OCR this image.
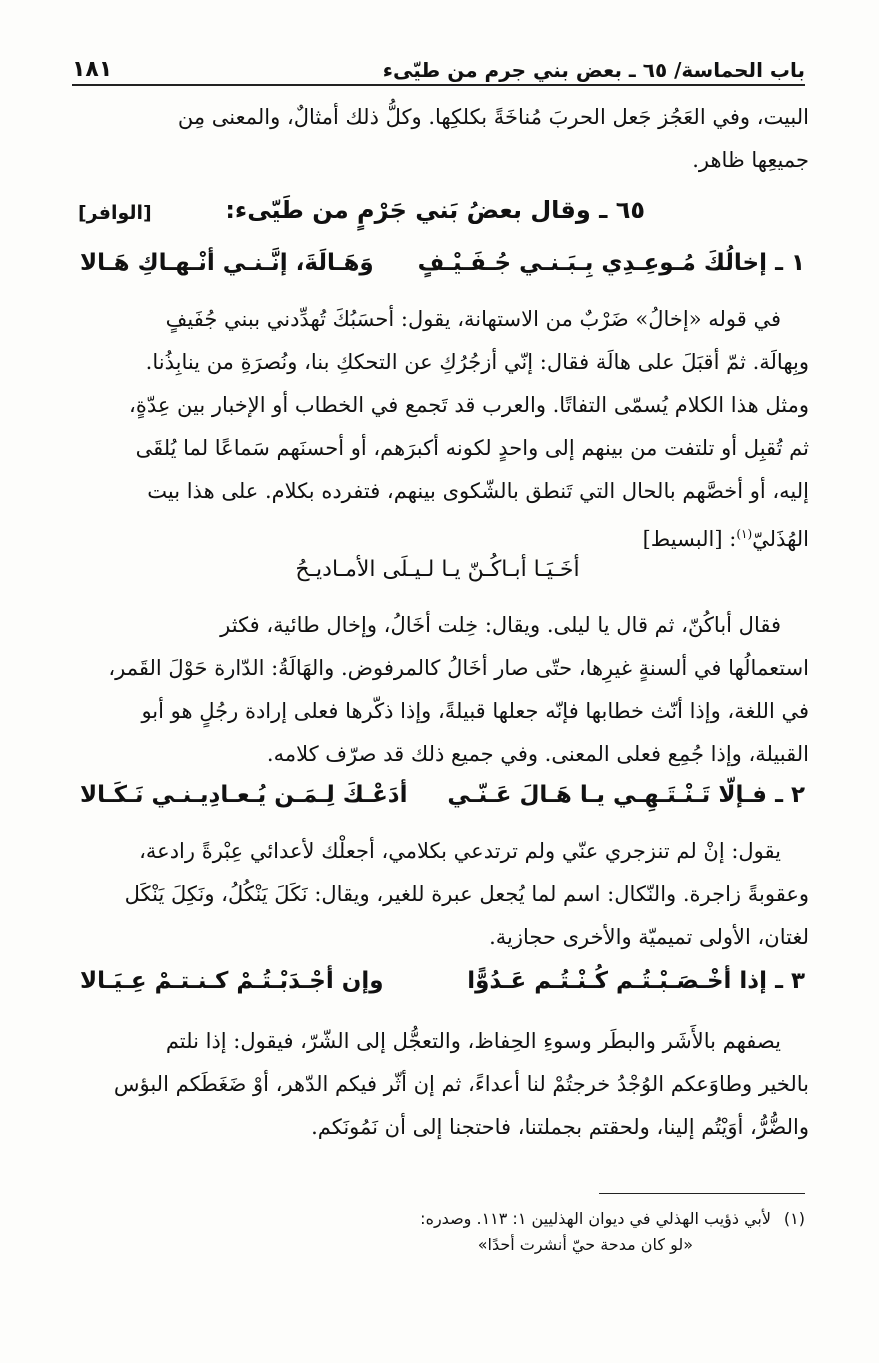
باب الحماسة/ ٦٥ ـ بعض بني جرم من طيّىء
١٨١
البيت، وفي العَجُز جَعل الحربَ مُناخَةً بكلكِها. وكلُّ ذلك أمثالٌ، والمعنى مِن
جميعِها ظاهر.
٦٥ ـ وقال بعضُ بَني جَرْمٍ من طَيّىء:
[الوافر]
١ ـ
إخالُكَ مُـوعِـدِي بِـبَـنـي جُـفَـيْـفٍ
وَهَـالَةَ، إنَّـنـي أنْـهـاكِ هَـالا
في قوله «إخالُ» ضَرْبٌ من الاستهانة، يقول: أحسَبُكَ تُهدِّدني ببني جُفَيفٍ
وبِهالَة. ثمّ أقبَلَ على هالَة فقال: إنّي أزجُرُكِ عن التحككِ بنا، ونُصرَةِ من ينابِذُنا.
ومثل هذا الكلام يُسمّى التفاتًا. والعرب قد تَجمع في الخطاب أو الإخبار بين عِدّةٍ،
ثم تُقبِل أو تلتفت من بينهم إلى واحدٍ لكونه أكبرَهم، أو أحسنَهم سَماعًا لما يُلقَى
إليه، أو أخصَّهم بالحال التي تَنطق بالشّكوى بينهم، فتفرده بكلام. على هذا بيت
الهُذَليّ$^{(١)}$: [البسيط]
أخَـيَـا أبـاكُـنّ يـا لـيـلَى الأمـاديـحُ
فقال أباكُنّ، ثم قال يا ليلى. ويقال: خِلت أخَالُ، وإخال طائية، فكثر
استعمالُها في ألسنةٍ غيرِها، حتّى صار أخَالُ كالمرفوض. والهَالَةُ: الدّارة حَوْلَ القَمر،
في اللغة، وإذا أنّث خطابها فإنّه جعلها قبيلةً، وإذا ذكّرها فعلى إرادة رجُلٍ هو أبو
القبيلة، وإذا جُمِع فعلى المعنى. وفي جميع ذلك قد صرّف كلامه.
٢ ـ
فـإلّا تَـنْـتَـهِـي يـا هَـالَ عَـنّـي
أدَعْـكَ لِـمَـن يُـعـادِيـنـي نَـكَـالا
يقول: إنْ لم تنزجري عنّي ولم ترتدعي بكلامي، أجعلْك لأعدائي عِبْرةً رادعة،
وعقوبةً زاجرة. والنّكال: اسم لما يُجعل عبرة للغير، ويقال: نَكَلَ يَنْكُلُ، ونَكِلَ يَنْكَل
لغتان، الأولى تميميّة والأخرى حجازية.
٣ ـ
إذا أخْـصَـبْـتُـم كُـنْـتُـم عَـدُوًّا
وإن أجْـدَبْـتُـمْ كـنـتـمْ عِـيَـالا
يصفهم بالأَشَر والبطَر وسوءِ الحِفاظ، والتعجُّل إلى الشّرّ، فيقول: إذا نلتم
بالخير وطاوَعكم الوُجْدُ خرجتُمْ لنا أعداءً، ثم إن أثّر فيكم الدّهر، أوْ ضَغَطَكم البؤس
والضُّرُّ، أوَيْتُم إلينا، ولحقتم بجملتنا، فاحتجنا إلى أن نَمُونَكم.
(١)لأبي ذؤيب الهذلي في ديوان الهذليين ١: ١١٣. وصدره:
«لو كان مدحة حيّ أنشرت أحدًا»
